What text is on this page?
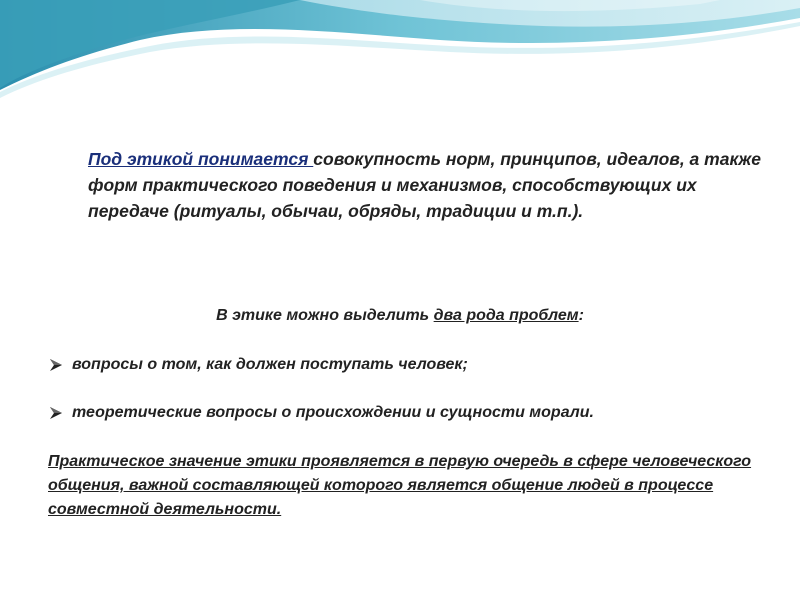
Под этикой понимается совокупность норм, принципов, идеалов, а также форм практического поведения и механизмов, способствующих их передаче (ритуалы, обычаи, обряды, традиции и т.п.).

В этике можно выделить два рода проблем:

вопросы о том, как должен поступать человек;
теоретические вопросы о происхождении и сущности морали.

Практическое значение этики проявляется в первую очередь в сфере человеческого общения, важной составляющей которого является общение людей в процессе совместной деятельности.
